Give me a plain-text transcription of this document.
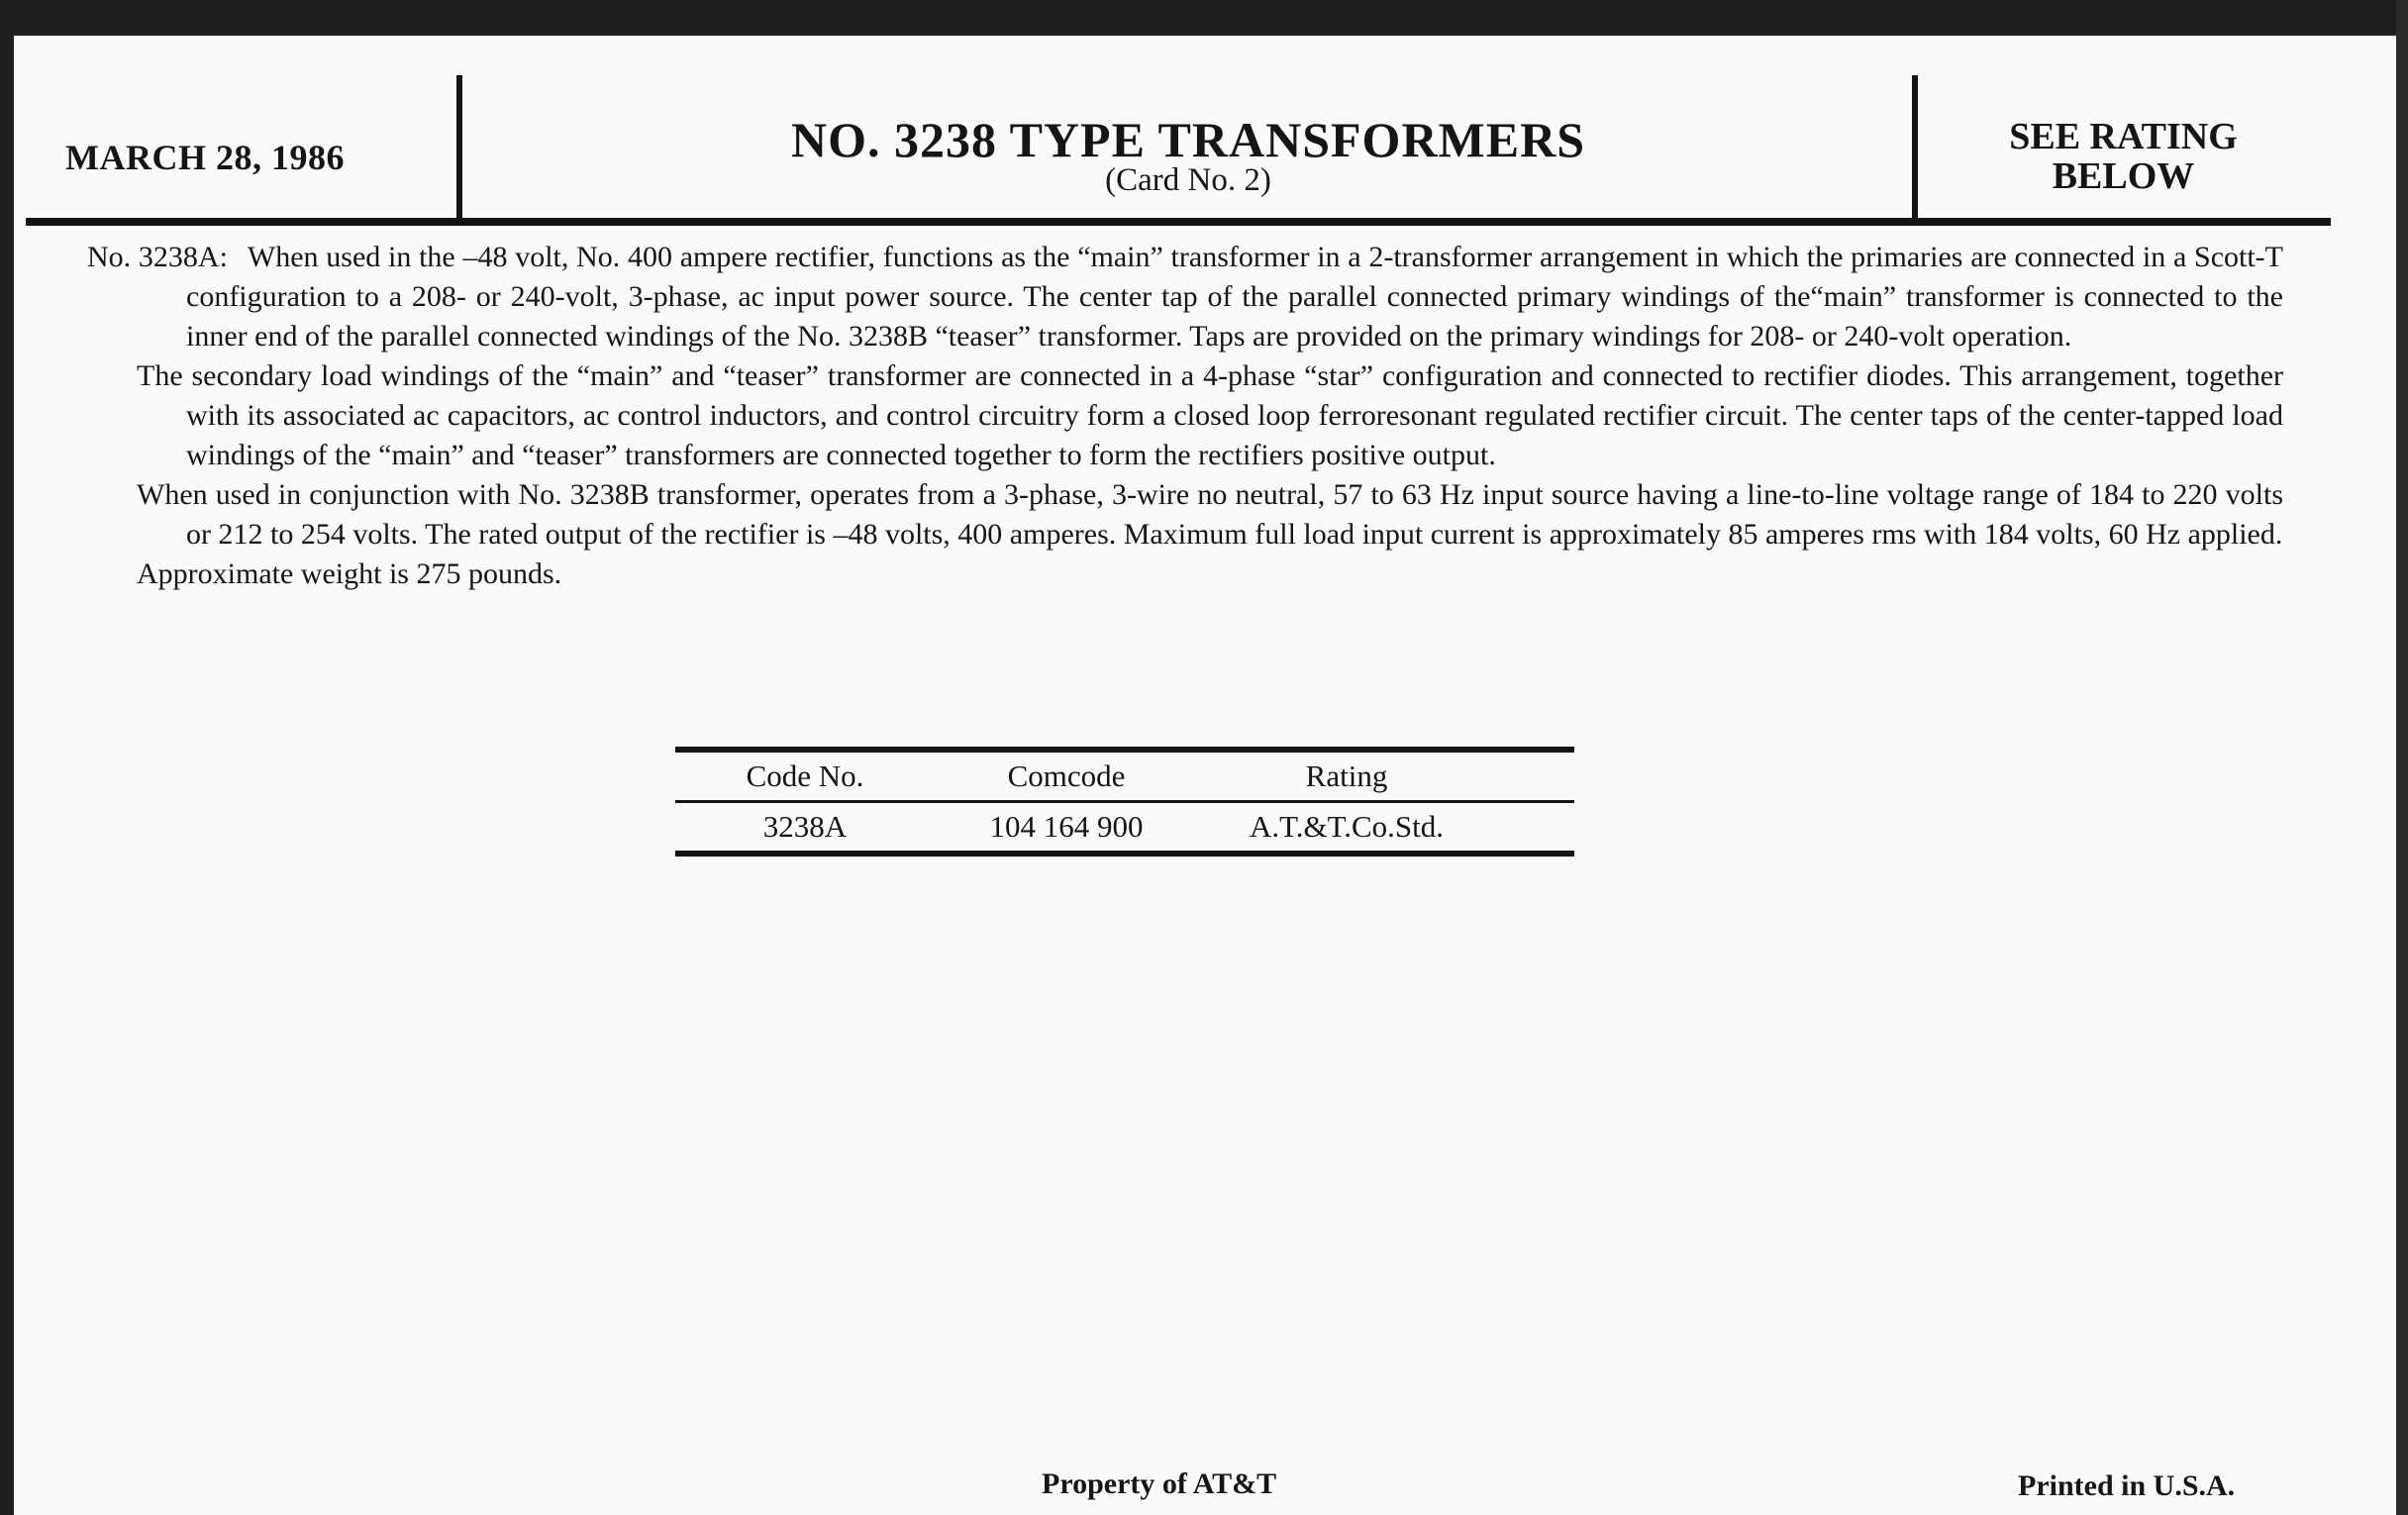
MARCH 28, 1986	NO. 3238 TYPE TRANSFORMERS
(Card No. 2)
SEE RATING
BELOW

No. 3238A: When used in the –48 volt, No. 400 ampere rectifier, functions as the “main” transformer in a 2-transformer arrangement in which the primaries are connected in a Scott-T configuration to a 208- or 240-volt, 3-phase, ac input power source. The center tap of the parallel connected primary windings of the“main” transformer is connected to the inner end of the parallel connected windings of the No. 3238B “teaser” transformer. Taps are provided on the primary windings for 208- or 240-volt operation.

The secondary load windings of the “main” and “teaser” transformer are connected in a 4-phase “star” configuration and connected to rectifier diodes. This arrangement, together with its associated ac capacitors, ac control inductors, and control circuitry form a closed loop ferroresonant regulated rectifier circuit. The center taps of the center-tapped load windings of the “main” and “teaser” transformers are connected together to form the rectifiers positive output.

When used in conjunction with No. 3238B transformer, operates from a 3-phase, 3-wire no neutral, 57 to 63 Hz input source having a line-to-line voltage range of 184 to 220 volts or 212 to 254 volts. The rated output of the rectifier is –48 volts, 400 amperes. Maximum full load input current is approximately 85 amperes rms with 184 volts, 60 Hz applied.

Approximate weight is 275 pounds.

Code No.	Comcode	Rating
3238A	104 164 900	A.T.&T.Co.Std.
Property of AT&T	Printed in U.S.A.
